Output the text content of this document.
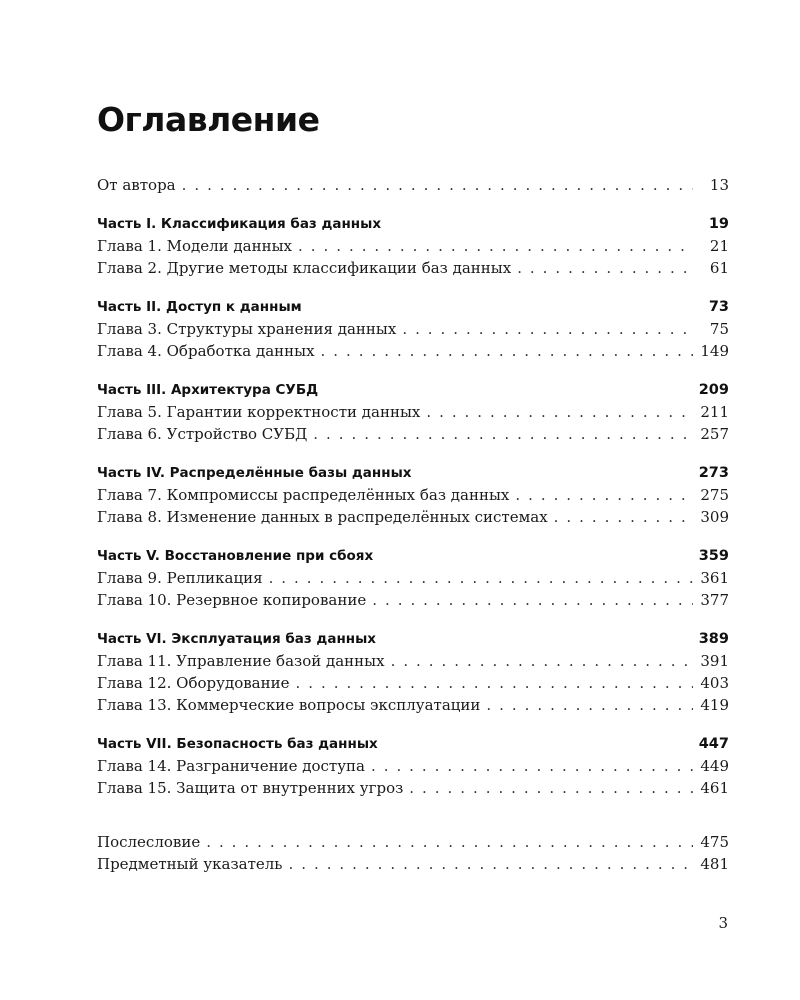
Оглавление
От автора . . .	13
Часть I. Классификация баз данных	19
Глава 1. Модели данных . . .	21
Глава 2. Другие методы классификации баз данных . . .	61
Часть II. Доступ к данным	73
Глава 3. Структуры хранения данных . . .	75
Глава 4. Обработка данных . . .	149
Часть III. Архитектура СУБД	209
Глава 5. Гарантии корректности данных . . .	211
Глава 6. Устройство СУБД . . .	257
Часть IV. Распределённые базы данных	273
Глава 7. Компромиссы распределённых баз данных . . .	275
Глава 8. Изменение данных в распределённых системах . . .	309
Часть V. Восстановление при сбоях	359
Глава 9. Репликация . . .	361
Глава 10. Резервное копирование . . .	377
Часть VI. Эксплуатация баз данных	389
Глава 11. Управление базой данных . . .	391
Глава 12. Оборудование . . .	403
Глава 13. Коммерческие вопросы эксплуатации . . .	419
Часть VII. Безопасность баз данных	447
Глава 14. Разграничение доступа . . .	449
Глава 15. Защита от внутренних угроз . . .	461
Послесловие . . .	475
Предметный указатель . . .	481
3
